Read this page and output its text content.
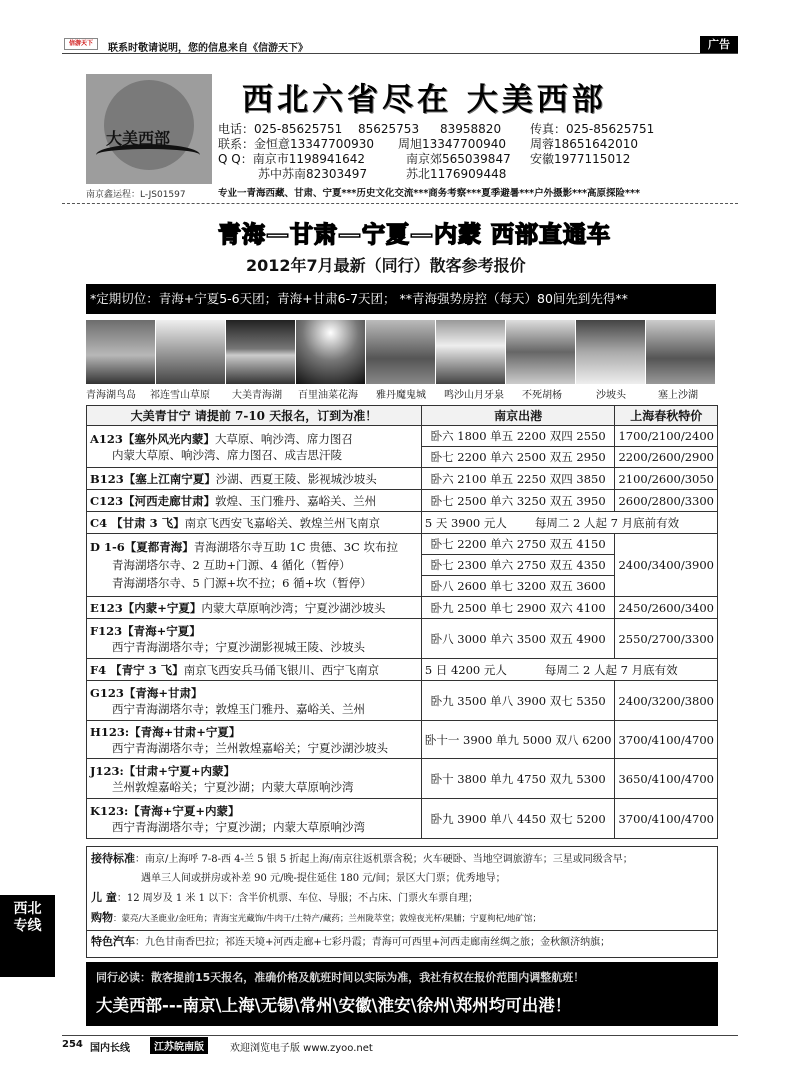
信游天下	联系时敬请说明，您的信息来自《信游天下》	广告
大美西部
南京鑫运程：L-JS01597
西北六省尽在 大美西部
电话：025-85625751 85625753 83958820 传真：025-85625751
联系：金恒意13347700930 周旭13347700940 周蓉18651642010
Q Q：南京市1198941642	南京郊565039847 安徽1977115012
苏中苏南82303497	苏北1176909448
专业一青海西藏、甘肃、宁夏***历史文化交流***商务考察***夏季避暑***户外摄影***高原探险***
青海—甘肃—宁夏—内蒙 西部直通车
2012年7月最新（同行）散客参考报价
*定期切位：青海+宁夏5-6天团；青海+甘肃6-7天团； **青海强势房控（每天）80间先到先得**
青海湖鸟岛 祁连雪山草原 大美青海湖 百里油菜花海 雅丹魔鬼城 鸣沙山月牙泉 不死胡杨	沙坡头	塞上沙湖
大美青甘宁 请提前 7-10 天报名，订到为准！	南京出港	上海春秋特价
A123【塞外风光内蒙】大草原、响沙湾、席力图召
内蒙大草原、响沙湾、席力图召、成吉思汗陵	卧六 1800 单五 2200 双四 2550	1700/2100/2400
	卧七 2200 单六 2500 双五 2950	2200/2600/2900
B123【塞上江南宁夏】沙湖、西夏王陵、影视城沙坡头	卧六 2100 单五 2250 双四 3850	2100/2600/3050
C123【河西走廊甘肃】敦煌、玉门雅丹、嘉峪关、兰州	卧七 2500 单六 3250 双五 3950	2600/2800/3300
C4 【甘肃 3 飞】南京飞西安飞嘉峪关、敦煌兰州飞南京	5 天 3900 元人 每周二 2 人起 7 月底前有效	
D 1-6【夏都青海】青海湖塔尔寺互助 1C 贵德、3C 坎布拉
青海湖塔尔寺、2 互助+门源、4 循化（暂停）
青海湖塔尔寺、5 门源+坎不拉；6 循+坎（暂停）	卧七 2200 单六 2750 双五 4150	2400/3400/3900
	卧七 2300 单六 2750 双五 4350	
	卧八 2600 单七 3200 双五 3600	
E123【内蒙+宁夏】内蒙大草原响沙湾；宁夏沙湖沙坡头	卧九 2500 单七 2900 双六 4100	2450/2600/3400
F123【青海+宁夏】
西宁青海湖塔尔寺；宁夏沙湖影视城王陵、沙坡头	卧八 3000 单六 3500 双五 4900	2550/2700/3300
F4 【青宁 3 飞】南京飞西安兵马俑飞银川、西宁飞南京	5 日 4200 元人 每周二 2 人起 7 月底有效	
G123【青海+甘肃】
西宁青海湖塔尔寺；敦煌玉门雅丹、嘉峪关、兰州	卧九 3500 单八 3900 双七 5350	2400/3200/3800
H123:【青海+甘肃+宁夏】
西宁青海湖塔尔寺；兰州敦煌嘉峪关；宁夏沙湖沙坡头	卧十一 3900 单九 5000 双八 6200	3700/4100/4700
J123:【甘肃+宁夏+内蒙】
兰州敦煌嘉峪关；宁夏沙湖；内蒙大草原响沙湾	卧十 3800 单九 4750 双九 5300	3650/4100/4700
K123:【青海+宁夏+内蒙】
西宁青海湖塔尔寺；宁夏沙湖；内蒙大草原响沙湾	卧九 3900 单八 4450 双七 5200	3700/4100/4700
接待标准：南京/上海呼 7-8-西 4-兰 5 银 5 折起上海/南京往返机票含税；火车硬卧、当地空调旅游车；三星或同级含早；
遇单三人间或拼房或补差 90 元/晚-提住延住 180 元/间；景区大门票；优秀地导；
儿 童：12 周岁及 1 米 1 以下：含半价机票、车位、导服；不占床、门票火车票自理；
购物：蒙亮/大圣鹿业/金旺角；青海宝光藏饰/牛肉干/土特产/藏药；兰州陇萃堂；敦煌夜光杯/果脯；宁夏枸杞/地矿馆；
特色汽车：九色甘南香巴拉；祁连天境+河西走廊+七彩丹霞；青海可可西里+河西走廊南丝绸之旅；金秋额济纳旗；
同行必读：散客提前15天报名，准确价格及航班时间以实际为准，我社有权在报价范围内调整航班！
大美西部---南京\上海\无锡\常州\安徽\淮安\徐州\郑州均可出港！
西北
专线
254 国内长线	江苏皖南版	欢迎浏览电子版 www.zyoo.net
